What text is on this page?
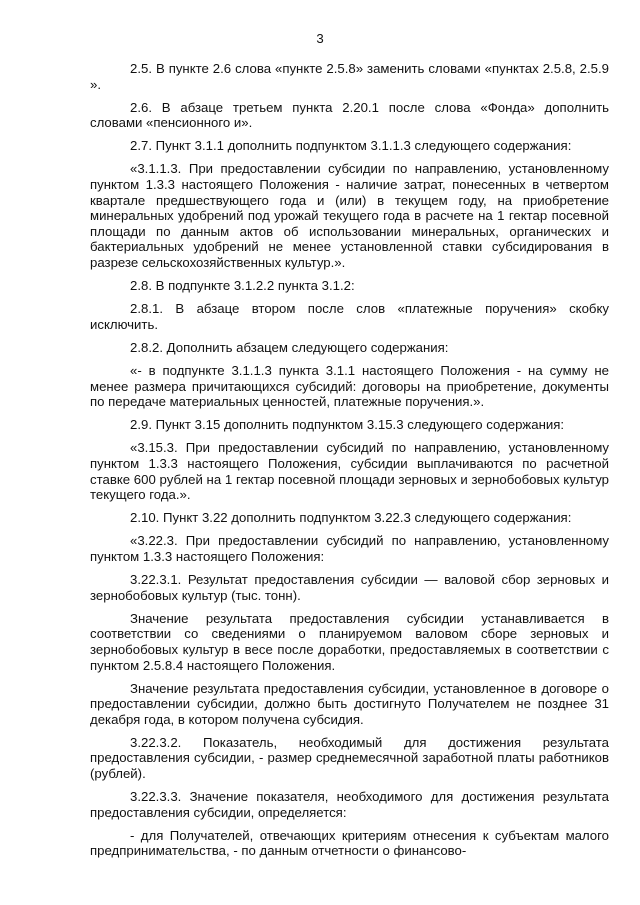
3

2.5. В пункте 2.6 слова «пункте 2.5.8» заменить словами «пунктах 2.5.8, 2.5.9 ».

2.6. В абзаце третьем пункта 2.20.1 после слова «Фонда» дополнить словами «пенсионного и».

2.7. Пункт 3.1.1 дополнить подпунктом 3.1.1.3 следующего содержания:

«3.1.1.3. При предоставлении субсидии по направлению, установленному пунктом 1.3.3 настоящего Положения - наличие затрат, понесенных в четвертом квартале предшествующего года и (или) в текущем году, на приобретение минеральных удобрений под урожай текущего года в расчете на 1 гектар посевной площади по данным актов об использовании минеральных, органических и бактериальных удобрений не менее установленной ставки субсидирования в разрезе сельскохозяйственных культур.».

2.8. В подпункте 3.1.2.2 пункта 3.1.2:

2.8.1. В абзаце втором после слов «платежные поручения» скобку исключить.

2.8.2. Дополнить абзацем следующего содержания:

«- в подпункте 3.1.1.3 пункта 3.1.1 настоящего Положения - на сумму не менее размера причитающихся субсидий: договоры на приобретение, документы по передаче материальных ценностей, платежные поручения.».

2.9. Пункт 3.15 дополнить подпунктом 3.15.3 следующего содержания:

«3.15.3. При предоставлении субсидий по направлению, установленному пунктом 1.3.3 настоящего Положения, субсидии выплачиваются по расчетной ставке 600 рублей на 1 гектар посевной площади зерновых и зернобобовых культур текущего года.».

2.10. Пункт 3.22 дополнить подпунктом 3.22.3 следующего содержания:

«3.22.3. При предоставлении субсидий по направлению, установленному пунктом 1.3.3 настоящего Положения:

3.22.3.1. Результат предоставления субсидии — валовой сбор зерновых и зернобобовых культур (тыс. тонн).

Значение результата предоставления субсидии устанавливается в соответствии со сведениями о планируемом валовом сборе зерновых и зернобобовых культур в весе после доработки, предоставляемых в соответствии с пунктом 2.5.8.4 настоящего Положения.

Значение результата предоставления субсидии, установленное в договоре о предоставлении субсидии, должно быть достигнуто Получателем не позднее 31 декабря года, в котором получена субсидия.

3.22.3.2. Показатель, необходимый для достижения результата предоставления субсидии, - размер среднемесячной заработной платы работников (рублей).

3.22.3.3. Значение показателя, необходимого для достижения результата предоставления субсидии, определяется:

- для Получателей, отвечающих критериям отнесения к субъектам малого предпринимательства, - по данным отчетности о финансово-
